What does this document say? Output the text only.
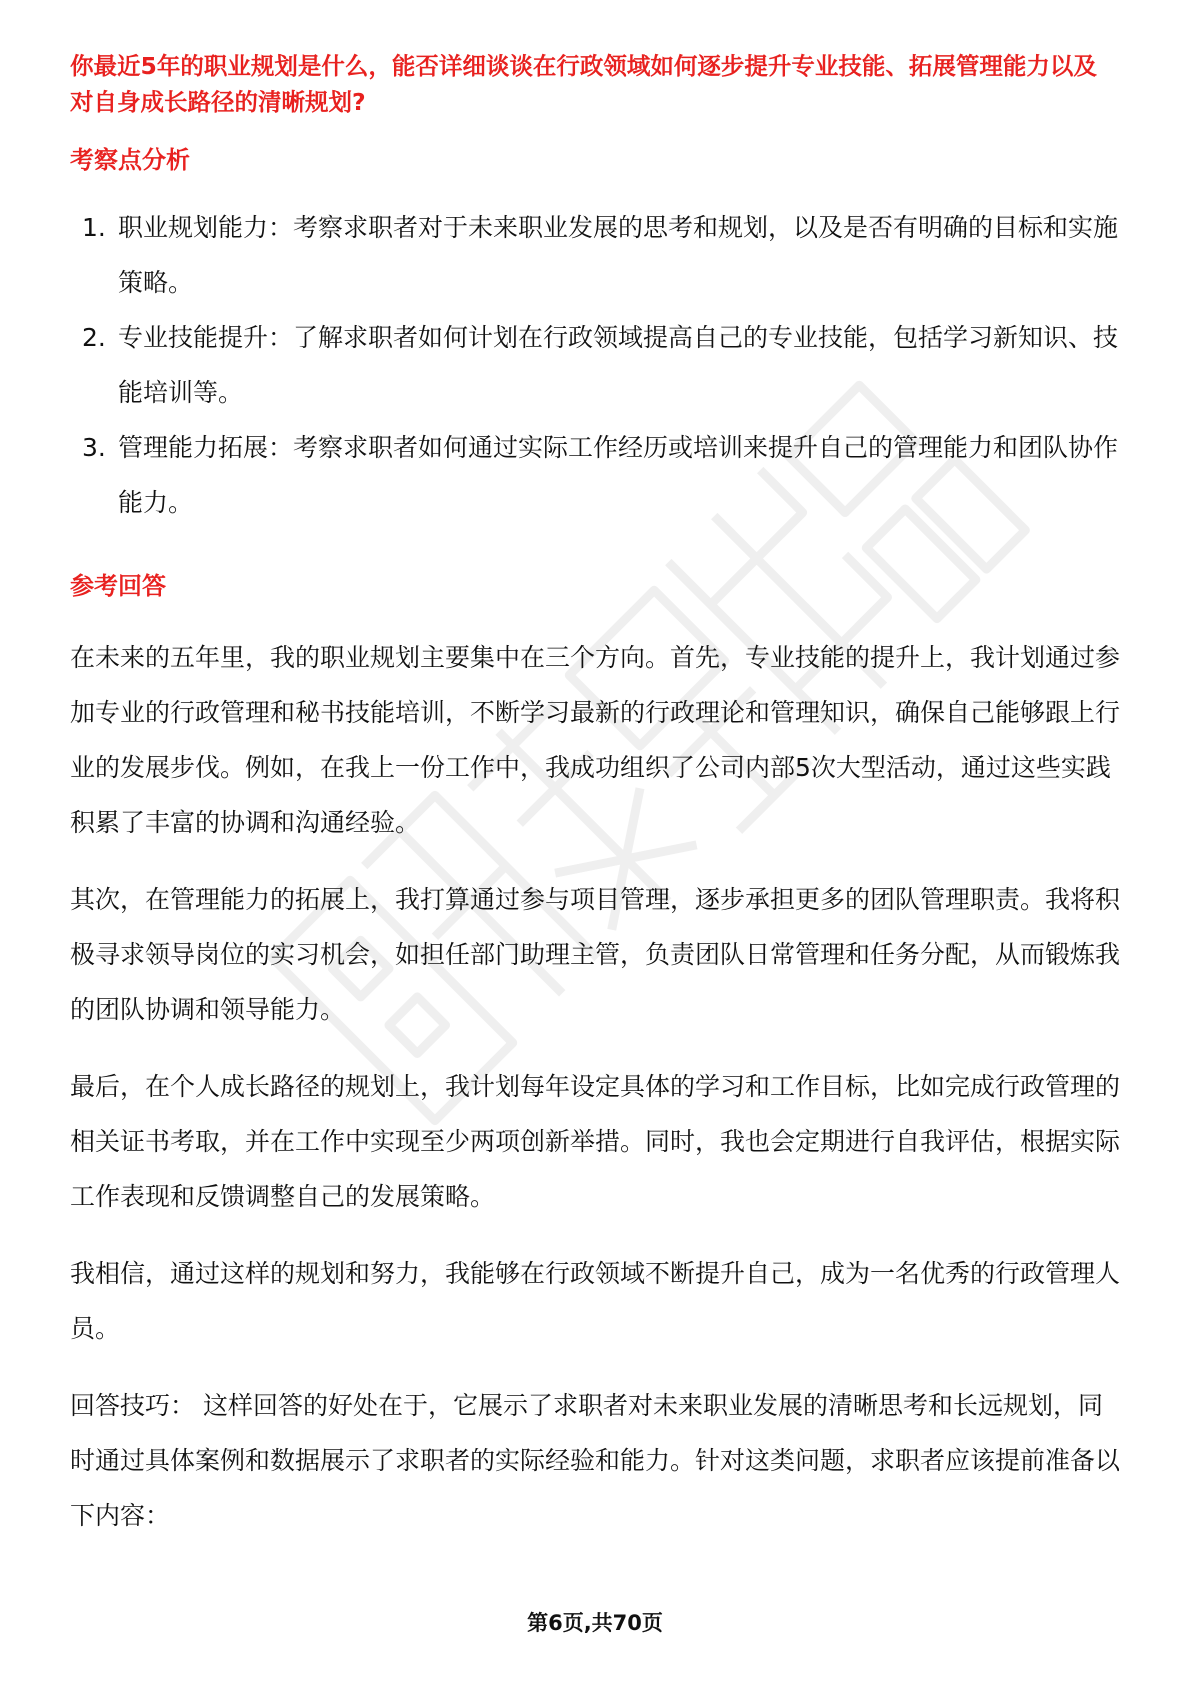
你最近5年的职业规划是什么，能否详细谈谈在行政领域如何逐步提升专业技能、拓展管理能力以及对自身成长路径的清晰规划?

考察点分析
1. 职业规划能力：考察求职者对于未来职业发展的思考和规划，以及是否有明确的目标和实施策略。
2. 专业技能提升：了解求职者如何计划在行政领域提高自己的专业技能，包括学习新知识、技能培训等。
3. 管理能力拓展：考察求职者如何通过实际工作经历或培训来提升自己的管理能力和团队协作能力。
参考回答

在未来的五年里，我的职业规划主要集中在三个方向。首先，专业技能的提升上，我计划通过参加专业的行政管理和秘书技能培训，不断学习最新的行政理论和管理知识，确保自己能够跟上行业的发展步伐。例如，在我上一份工作中，我成功组织了公司内部5次大型活动，通过这些实践积累了丰富的协调和沟通经验。

其次，在管理能力的拓展上，我打算通过参与项目管理，逐步承担更多的团队管理职责。我将积极寻求领导岗位的实习机会，如担任部门助理主管，负责团队日常管理和任务分配，从而锻炼我的团队协调和领导能力。

最后，在个人成长路径的规划上，我计划每年设定具体的学习和工作目标，比如完成行政管理的相关证书考取，并在工作中实现至少两项创新举措。同时，我也会定期进行自我评估，根据实际工作表现和反馈调整自己的发展策略。

我相信，通过这样的规划和努力，我能够在行政领域不断提升自己，成为一名优秀的行政管理人员。

回答技巧： 这样回答的好处在于，它展示了求职者对未来职业发展的清晰思考和长远规划，同时通过具体案例和数据展示了求职者的实际经验和能力。针对这类问题，求职者应该提前准备以下内容：

第6页,共70页
